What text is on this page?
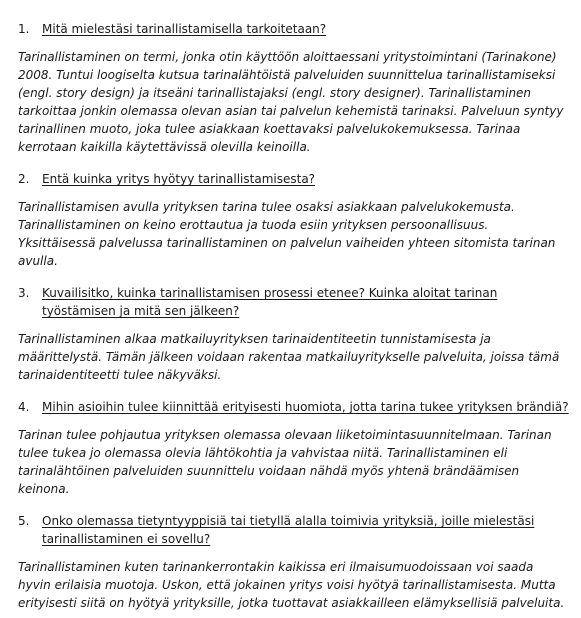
1.	Mitä mielestäsi tarinallistamisella tarkoitetaan?

Tarinallistaminen on termi, jonka otin käyttöön aloittaessani yritystoimintani (Tarinakone) 2008. Tuntui loogiselta kutsua tarinalähtöistä palveluiden suunnittelua tarinallistamiseksi (engl. story design) ja itseäni tarinallistajaksi (engl. story designer). Tarinallistaminen tarkoittaa jonkin olemassa olevan asian tai palvelun kehemistä tarinaksi. Palveluun syntyy tarinallinen muoto, joka tulee asiakkaan koettavaksi palvelukokemuksessa. Tarinaa kerrotaan kaikilla käytettävissä olevilla keinoilla.

2.	Entä kuinka yritys hyötyy tarinallistamisesta?

Tarinallistamisen avulla yrityksen tarina tulee osaksi asiakkaan palvelukokemusta. Tarinallistaminen on keino erottautua ja tuoda esiin yrityksen persoonallisuus. Yksittäisessä palvelussa tarinallistaminen on palvelun vaiheiden yhteen sitomista tarinan avulla.

3.	Kuvailisitko, kuinka tarinallistamisen prosessi etenee? Kuinka aloitat tarinan työstämisen ja mitä sen jälkeen?

Tarinallistaminen alkaa matkailuyrityksen tarinaidentiteetin tunnistamisesta ja määrittelystä. Tämän jälkeen voidaan rakentaa matkailuyritykselle palveluita, joissa tämä tarinaidentiteetti tulee näkyväksi.

4.	Mihin asioihin tulee kiinnittää erityisesti huomiota, jotta tarina tukee yrityksen brändiä?

Tarinan tulee pohjautua yrityksen olemassa olevaan liiketoimintasuunnitelmaan. Tarinan tulee tukea jo olemassa olevia lähtökohtia ja vahvistaa niitä. Tarinallistaminen eli tarinalähtöinen palveluiden suunnittelu voidaan nähdä myös yhtenä brändäämisen keinona.

5.	Onko olemassa tietyntyyppisiä tai tietyllä alalla toimivia yrityksiä, joille mielestäsi tarinallistaminen ei sovellu?

Tarinallistaminen kuten tarinankerrontakin kaikissa eri ilmaisumuodoissaan voi saada hyvin erilaisia muotoja. Uskon, että jokainen yritys voisi hyötyä tarinallistamisesta. Mutta erityisesti siitä on hyötyä yrityksille, jotka tuottavat asiakkailleen elämyksellisiä palveluita.
